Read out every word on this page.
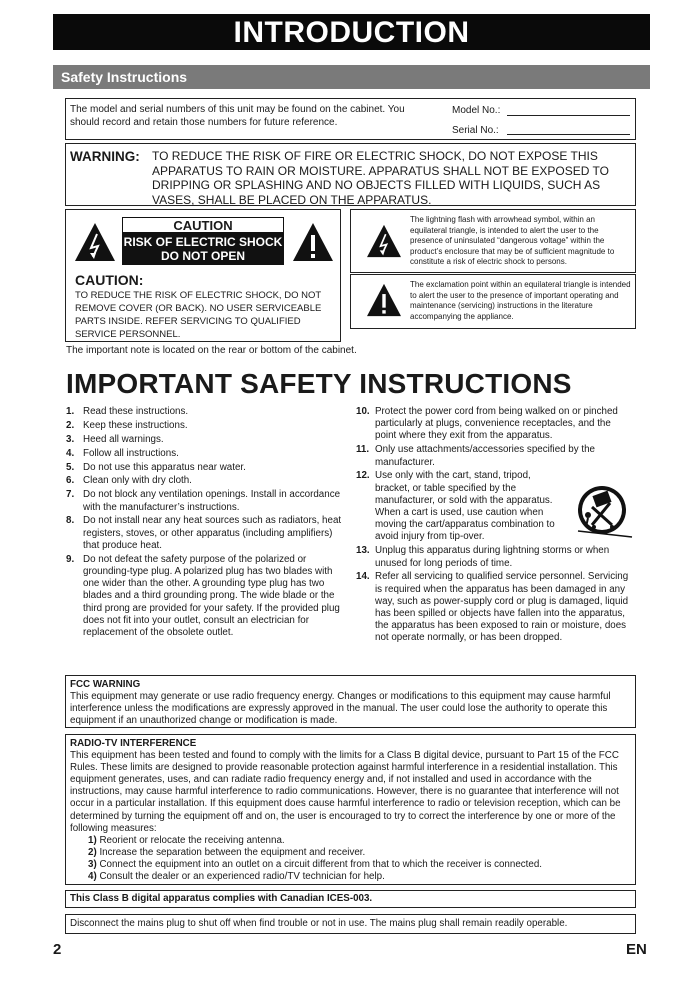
INTRODUCTION
Safety Instructions
The model and serial numbers of this unit may be found on the cabinet. You should record and retain those numbers for future reference.
Model No.:
Serial No.:
WARNING: TO REDUCE THE RISK OF FIRE OR ELECTRIC SHOCK, DO NOT EXPOSE THIS APPARATUS TO RAIN OR MOISTURE. APPARATUS SHALL NOT BE EXPOSED TO DRIPPING OR SPLASHING AND NO OBJECTS FILLED WITH LIQUIDS, SUCH AS VASES, SHALL BE PLACED ON THE APPARATUS.
CAUTION
RISK OF ELECTRIC SHOCK
DO NOT OPEN
CAUTION:
TO REDUCE THE RISK OF ELECTRIC SHOCK, DO NOT REMOVE COVER (OR BACK). NO USER SERVICEABLE PARTS INSIDE. REFER SERVICING TO QUALIFIED SERVICE PERSONNEL.
The lightning flash with arrowhead symbol, within an equilateral triangle, is intended to alert the user to the presence of uninsulated “dangerous voltage” within the product’s enclosure that may be of sufficient magnitude to constitute a risk of electric shock to persons.
The exclamation point within an equilateral triangle is intended to alert the user to the presence of important operating and maintenance (servicing) instructions in the literature accompanying the appliance.
The important note is located on the rear or bottom of the cabinet.
IMPORTANT SAFETY INSTRUCTIONS
1. Read these instructions.
2. Keep these instructions.
3. Heed all warnings.
4. Follow all instructions.
5. Do not use this apparatus near water.
6. Clean only with dry cloth.
7. Do not block any ventilation openings. Install in accordance with the manufacturer’s instructions.
8. Do not install near any heat sources such as radiators, heat registers, stoves, or other apparatus (including amplifiers) that produce heat.
9. Do not defeat the safety purpose of the polarized or grounding-type plug. A polarized plug has two blades with one wider than the other. A grounding type plug has two blades and a third grounding prong. The wide blade or the third prong are provided for your safety. If the provided plug does not fit into your outlet, consult an electrician for replacement of the obsolete outlet.
10. Protect the power cord from being walked on or pinched particularly at plugs, convenience receptacles, and the point where they exit from the apparatus.
11. Only use attachments/accessories specified by the manufacturer.
12. Use only with the cart, stand, tripod, bracket, or table specified by the manufacturer, or sold with the apparatus. When a cart is used, use caution when moving the cart/apparatus combination to avoid injury from tip-over.
13. Unplug this apparatus during lightning storms or when unused for long periods of time.
14. Refer all servicing to qualified service personnel. Servicing is required when the apparatus has been damaged in any way, such as power-supply cord or plug is damaged, liquid has been spilled or objects have fallen into the apparatus, the apparatus has been exposed to rain or moisture, does not operate normally, or has been dropped.
FCC WARNING
This equipment may generate or use radio frequency energy. Changes or modifications to this equipment may cause harmful interference unless the modifications are expressly approved in the manual. The user could lose the authority to operate this equipment if an unauthorized change or modification is made.
RADIO-TV INTERFERENCE
This equipment has been tested and found to comply with the limits for a Class B digital device, pursuant to Part 15 of the FCC Rules. These limits are designed to provide reasonable protection against harmful interference in a residential installation. This equipment generates, uses, and can radiate radio frequency energy and, if not installed and used in accordance with the instructions, may cause harmful interference to radio communications. However, there is no guarantee that interference will not occur in a particular installation. If this equipment does cause harmful interference to radio or television reception, which can be determined by turning the equipment off and on, the user is encouraged to try to correct the interference by one or more of the following measures:
1) Reorient or relocate the receiving antenna.
2) Increase the separation between the equipment and receiver.
3) Connect the equipment into an outlet on a circuit different from that to which the receiver is connected.
4) Consult the dealer or an experienced radio/TV technician for help.
This Class B digital apparatus complies with Canadian ICES-003.
Disconnect the mains plug to shut off when find trouble or not in use. The mains plug shall remain readily operable.
2	EN
